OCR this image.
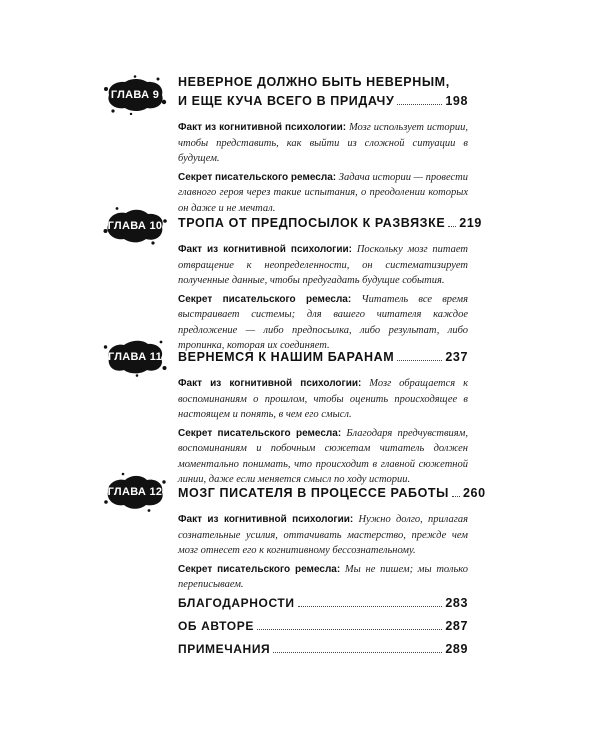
ГЛАВА 9
НЕВЕРНОЕ ДОЛЖНО БЫТЬ НЕВЕРНЫМ,
И ЕЩЕ КУЧА ВСЕГО В ПРИДАЧУ	198
Факт из когнитивной психологии: Мозг использует истории, чтобы представить, как выйти из сложной ситуации в будущем.
Секрет писательского ремесла: Задача истории — провести главного героя через такие испытания, о преодолении которых он даже и не мечтал.
ГЛАВА 10	ТРОПА ОТ ПРЕДПОСЫЛОК К РАЗВЯЗКЕ 219
Факт из когнитивной психологии: Поскольку мозг питает отвращение к неопределенности, он систематизирует полученные данные, чтобы предугадать будущие события.
Секрет писательского ремесла: Читатель все время выстраивает системы; для вашего читателя каждое предложение — либо предпосылка, либо результат, либо тропинка, которая их соединяет.
ГЛАВА 11	ВЕРНЕМСЯ К НАШИМ БАРАНАМ	237
Факт из когнитивной психологии: Мозг обращается к воспоминаниям о прошлом, чтобы оценить происходящее в настоящем и понять, в чем его смысл.
Секрет писательского ремесла: Благодаря предчувствиям, воспоминаниям и побочным сюжетам читатель должен моментально понимать, что происходит в главной сюжетной линии, даже если меняется смысл по ходу истории.
ГЛАВА 12	МОЗГ ПИСАТЕЛЯ В ПРОЦЕССЕ РАБОТЫ 260
Факт из когнитивной психологии: Нужно долго, прилагая сознательные усилия, оттачивать мастерство, прежде чем мозг отнесет его к когнитивному бессознательному.
Секрет писательского ремесла: Мы не пишем; мы только переписываем.
БЛАГОДАРНОСТИ	283
ОБ АВТОРЕ	287
ПРИМЕЧАНИЯ	289
